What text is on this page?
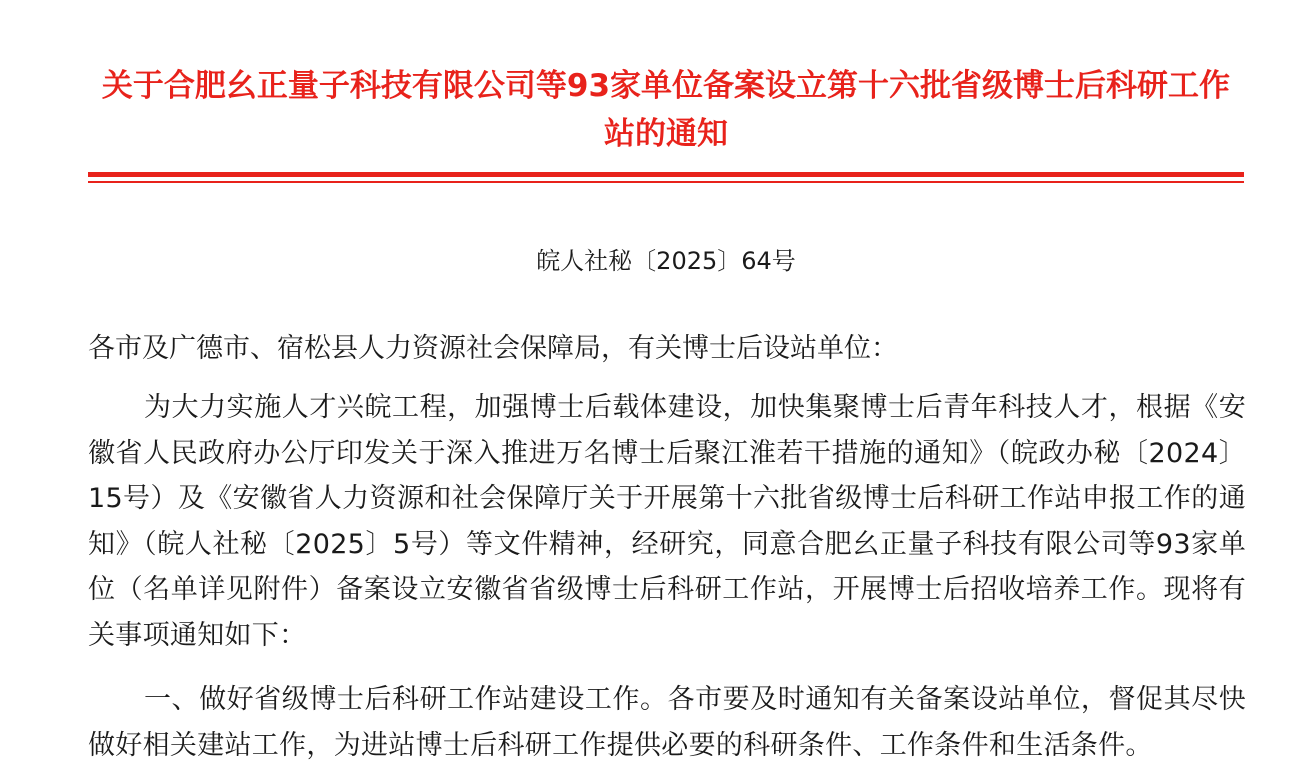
关于合肥幺正量子科技有限公司等93家单位备案设立第十六批省级博士后科研工作站的通知
皖人社秘〔2025〕64号

各市及广德市、宿松县人力资源社会保障局，有关博士后设站单位：

为大力实施人才兴皖工程，加强博士后载体建设，加快集聚博士后青年科技人才，根据《安徽省人民政府办公厅印发关于深入推进万名博士后聚江淮若干措施的通知》（皖政办秘〔2024〕15号）及《安徽省人力资源和社会保障厅关于开展第十六批省级博士后科研工作站申报工作的通知》（皖人社秘〔2025〕5号）等文件精神，经研究，同意合肥幺正量子科技有限公司等93家单位（名单详见附件）备案设立安徽省省级博士后科研工作站，开展博士后招收培养工作。现将有关事项通知如下：

一、做好省级博士后科研工作站建设工作。各市要及时通知有关备案设站单位，督促其尽快做好相关建站工作，为进站博士后科研工作提供必要的科研条件、工作条件和生活条件。
